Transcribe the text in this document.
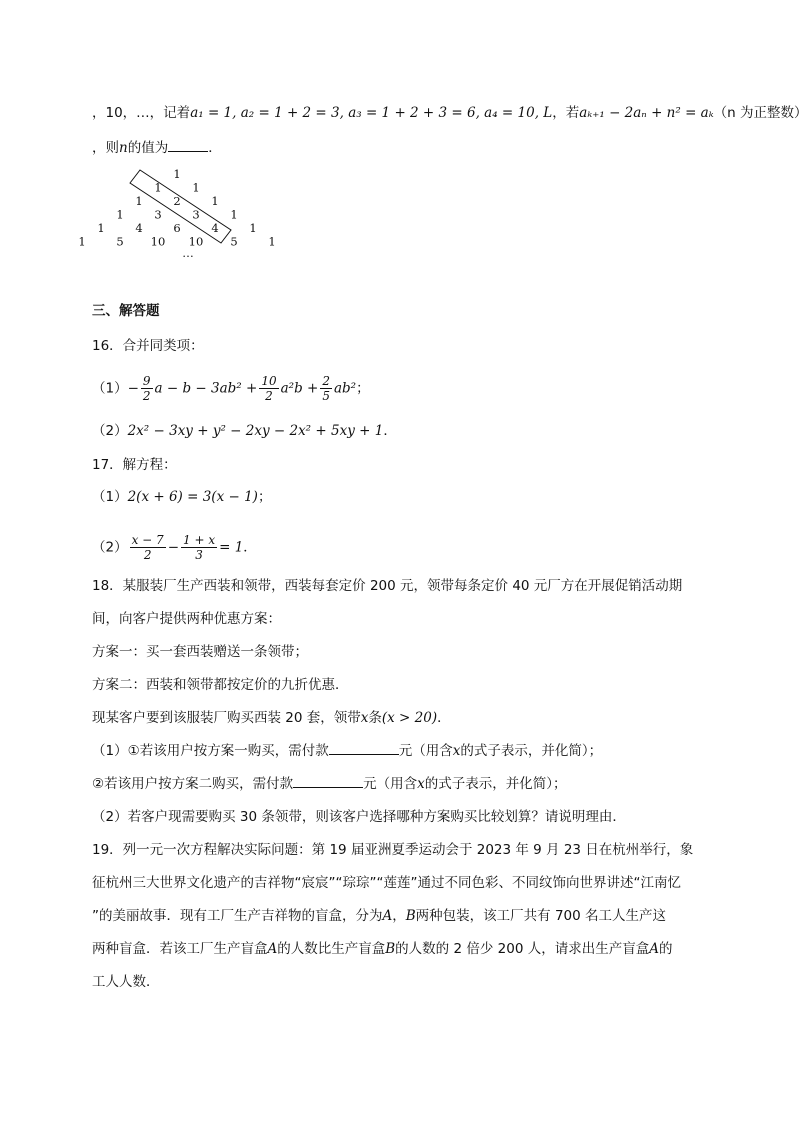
，10，…，记着a₁ = 1, a₂ = 1 + 2 = 3, a₃ = 1 + 2 + 3 = 6, a₄ = 10, L，若aₖ₊₁ − 2aₙ + n² = aₖ（n 为正整数）
，则n的值为	．
1
1	1
1	2	1
1	3	3	1
1	4	6	4	1
1	5 10 10 5	1
…
三、解答题
16．合并同类项：
$(1)- \frac{9}{2}$ $a - b - 3ab^2 + \frac{10}{2} a^2b + \frac{2}{5} ab^2$；
（2）2x² − 3xy + y² − 2xy − 2x² + 5xy + 1．
17．解方程：
（1）2(x + 6) = 3(x − 1)；
$(2) \frac{x - 7}{2} - \frac{1 + x}{3} = 1$．
18．某服装厂生产西装和领带，西装每套定价 200 元，领带每条定价 40 元厂方在开展促销活动期
间，向客户提供两种优惠方案：
方案一：买一套西装赠送一条领带；
方案二：西装和领带都按定价的九折优惠．
现某客户要到该服装厂购买西装 20 套，领带x条(x > 20)．
（1）①若该用户按方案一购买，需付款	元（用含x的式子表示，并化简）；
②若该用户按方案二购买，需付款	元（用含x的式子表示，并化简）；
（2）若客户现需要购买 30 条领带，则该客户选择哪种方案购买比较划算？请说明理由．
19．列一元一次方程解决实际问题：第 19 届亚洲夏季运动会于 2023 年 9 月 23 日在杭州举行，象
征杭州三大世界文化遗产的吉祥物“宸宸”“琮琮”“莲莲”通过不同色彩、不同纹饰向世界讲述“江南忆
”的美丽故事．现有工厂生产吉祥物的盲盒，分为A，B两种包装，该工厂共有 700 名工人生产这
两种盲盒．若该工厂生产盲盒A的人数比生产盲盒B的人数的 2 倍少 200 人，请求出生产盲盒A的
工人人数．
